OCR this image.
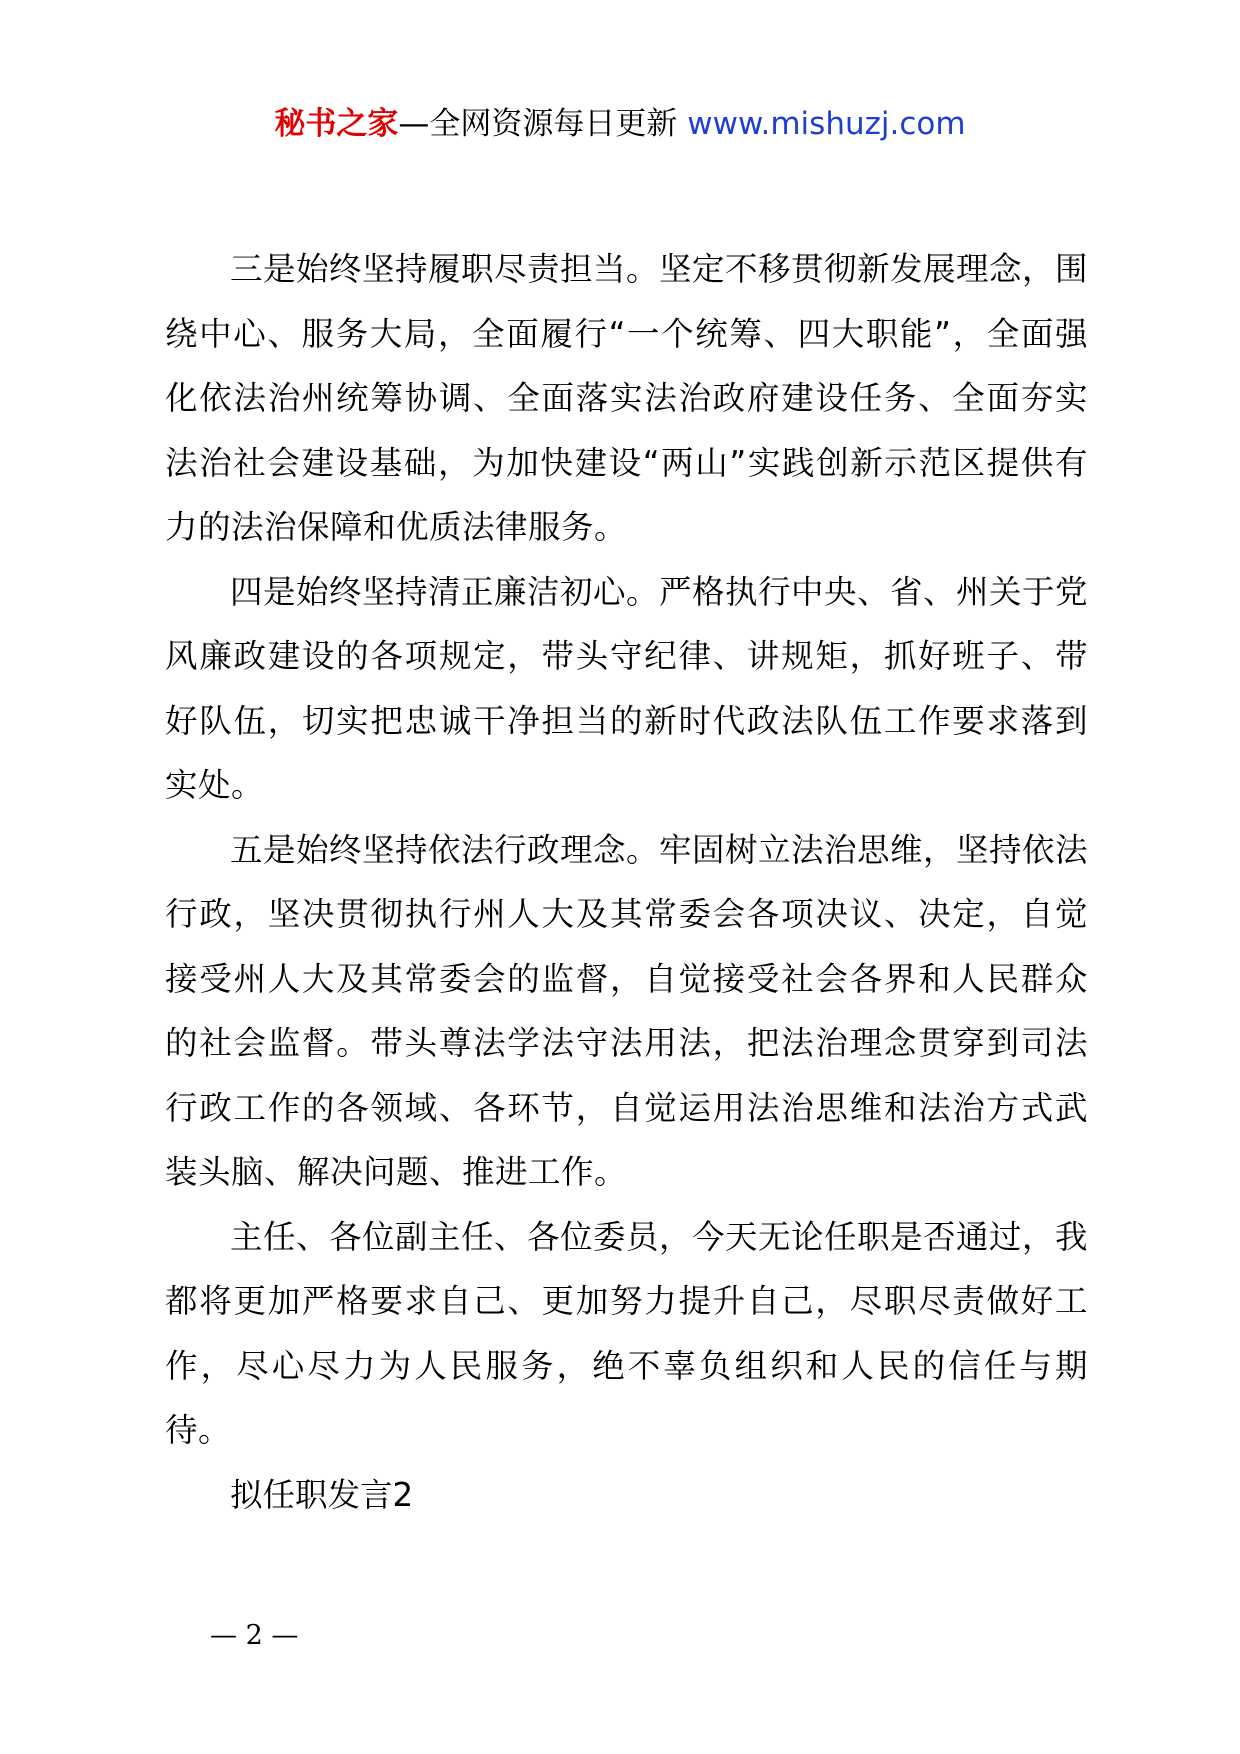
秘书之家—全网资源每日更新 www.mishuzj.com

三是始终坚持履职尽责担当。坚定不移贯彻新发展理念，围绕中心、服务大局，全面履行“一个统筹、四大职能”，全面强化依法治州统筹协调、全面落实法治政府建设任务、全面夯实法治社会建设基础，为加快建设“两山”实践创新示范区提供有力的法治保障和优质法律服务。

四是始终坚持清正廉洁初心。严格执行中央、省、州关于党风廉政建设的各项规定，带头守纪律、讲规矩，抓好班子、带好队伍，切实把忠诚干净担当的新时代政法队伍工作要求落到实处。

五是始终坚持依法行政理念。牢固树立法治思维，坚持依法行政，坚决贯彻执行州人大及其常委会各项决议、决定，自觉接受州人大及其常委会的监督，自觉接受社会各界和人民群众的社会监督。带头尊法学法守法用法，把法治理念贯穿到司法行政工作的各领域、各环节，自觉运用法治思维和法治方式武装头脑、解决问题、推进工作。

主任、各位副主任、各位委员，今天无论任职是否通过，我都将更加严格要求自己、更加努力提升自己，尽职尽责做好工作，尽心尽力为人民服务，绝不辜负组织和人民的信任与期待。

拟任职发言2

— 2 —
